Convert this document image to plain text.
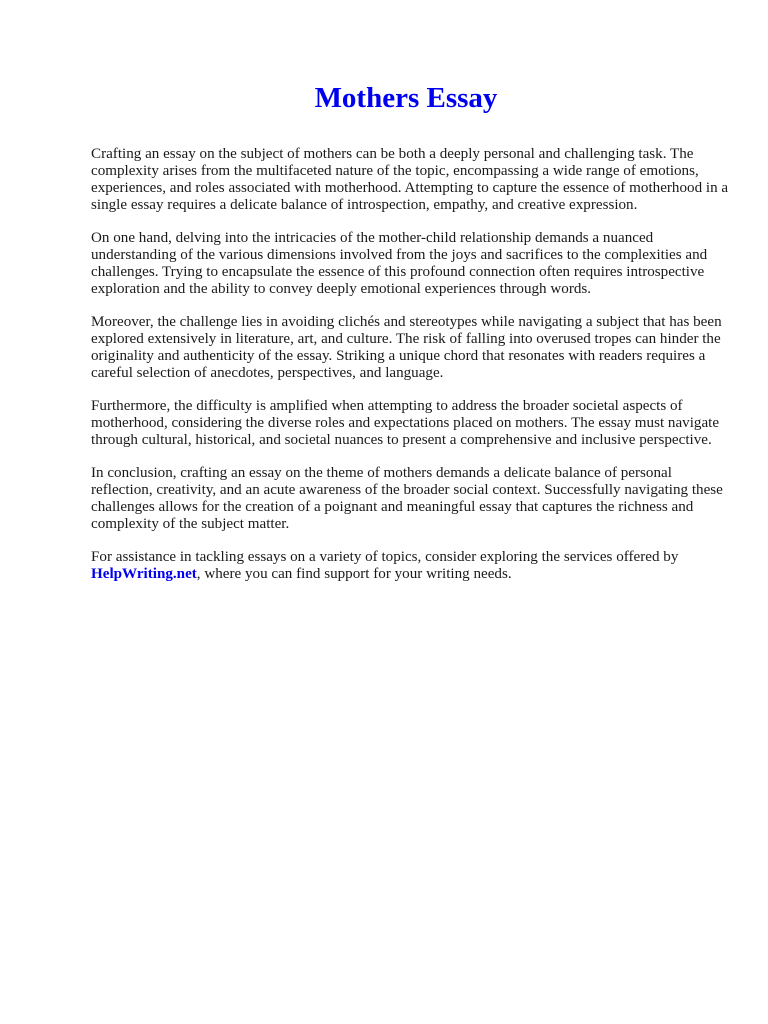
Mothers Essay

Crafting an essay on the subject of mothers can be both a deeply personal and challenging task. The complexity arises from the multifaceted nature of the topic, encompassing a wide range of emotions, experiences, and roles associated with motherhood. Attempting to capture the essence of motherhood in a single essay requires a delicate balance of introspection, empathy, and creative expression.

On one hand, delving into the intricacies of the mother-child relationship demands a nuanced understanding of the various dimensions involved from the joys and sacrifices to the complexities and challenges. Trying to encapsulate the essence of this profound connection often requires introspective exploration and the ability to convey deeply emotional experiences through words.

Moreover, the challenge lies in avoiding clichés and stereotypes while navigating a subject that has been explored extensively in literature, art, and culture. The risk of falling into overused tropes can hinder the originality and authenticity of the essay. Striking a unique chord that resonates with readers requires a careful selection of anecdotes, perspectives, and language.

Furthermore, the difficulty is amplified when attempting to address the broader societal aspects of motherhood, considering the diverse roles and expectations placed on mothers. The essay must navigate through cultural, historical, and societal nuances to present a comprehensive and inclusive perspective.

In conclusion, crafting an essay on the theme of mothers demands a delicate balance of personal reflection, creativity, and an acute awareness of the broader social context. Successfully navigating these challenges allows for the creation of a poignant and meaningful essay that captures the richness and complexity of the subject matter.

For assistance in tackling essays on a variety of topics, consider exploring the services offered by HelpWriting.net, where you can find support for your writing needs.
